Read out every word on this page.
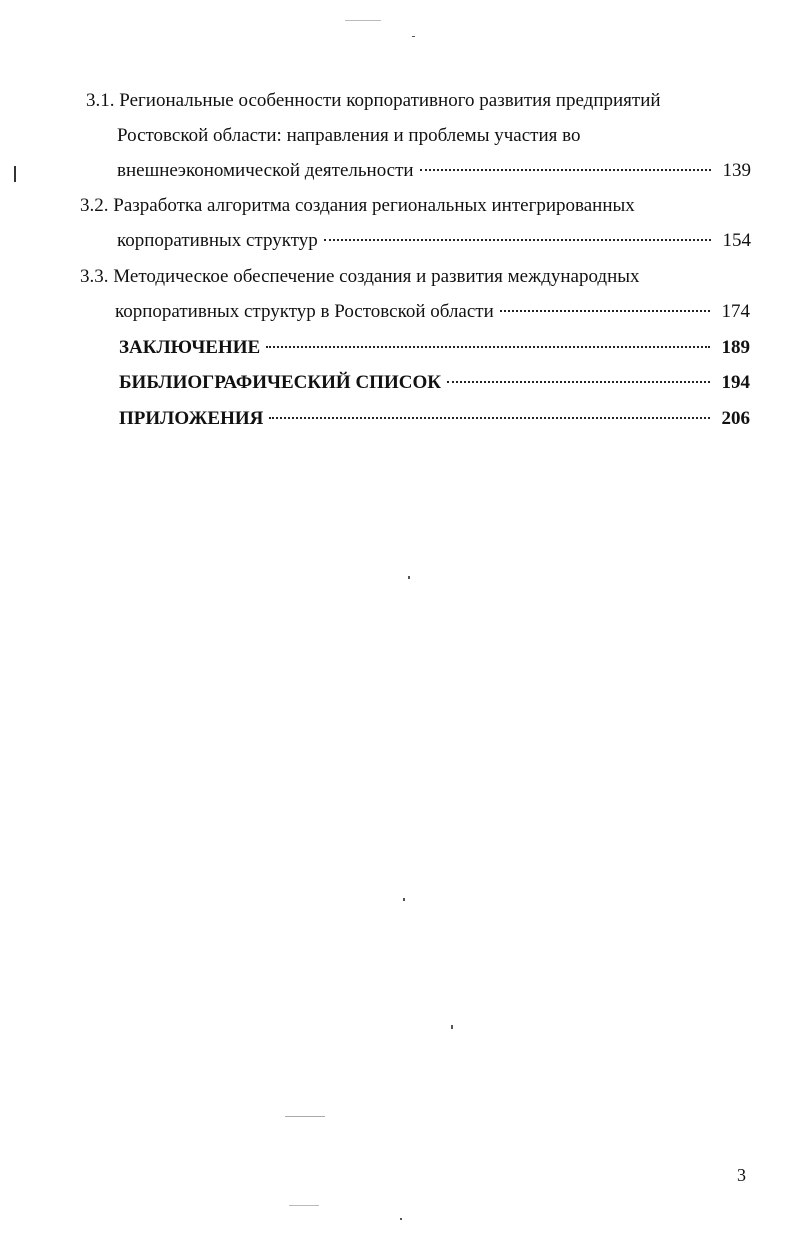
3.1. Региональные особенности корпоративного развития предприятий
Ростовской области: направления и проблемы участия во
внешнеэкономической деятельности	139
3.2. Разработка алгоритма создания региональных интегрированных
корпоративных структур	154
3.3. Методическое обеспечение создания и развития международных
корпоративных структур в Ростовской области	174
ЗАКЛЮЧЕНИЕ	189
БИБЛИОГРАФИЧЕСКИЙ СПИСОК	194
ПРИЛОЖЕНИЯ	206
3
